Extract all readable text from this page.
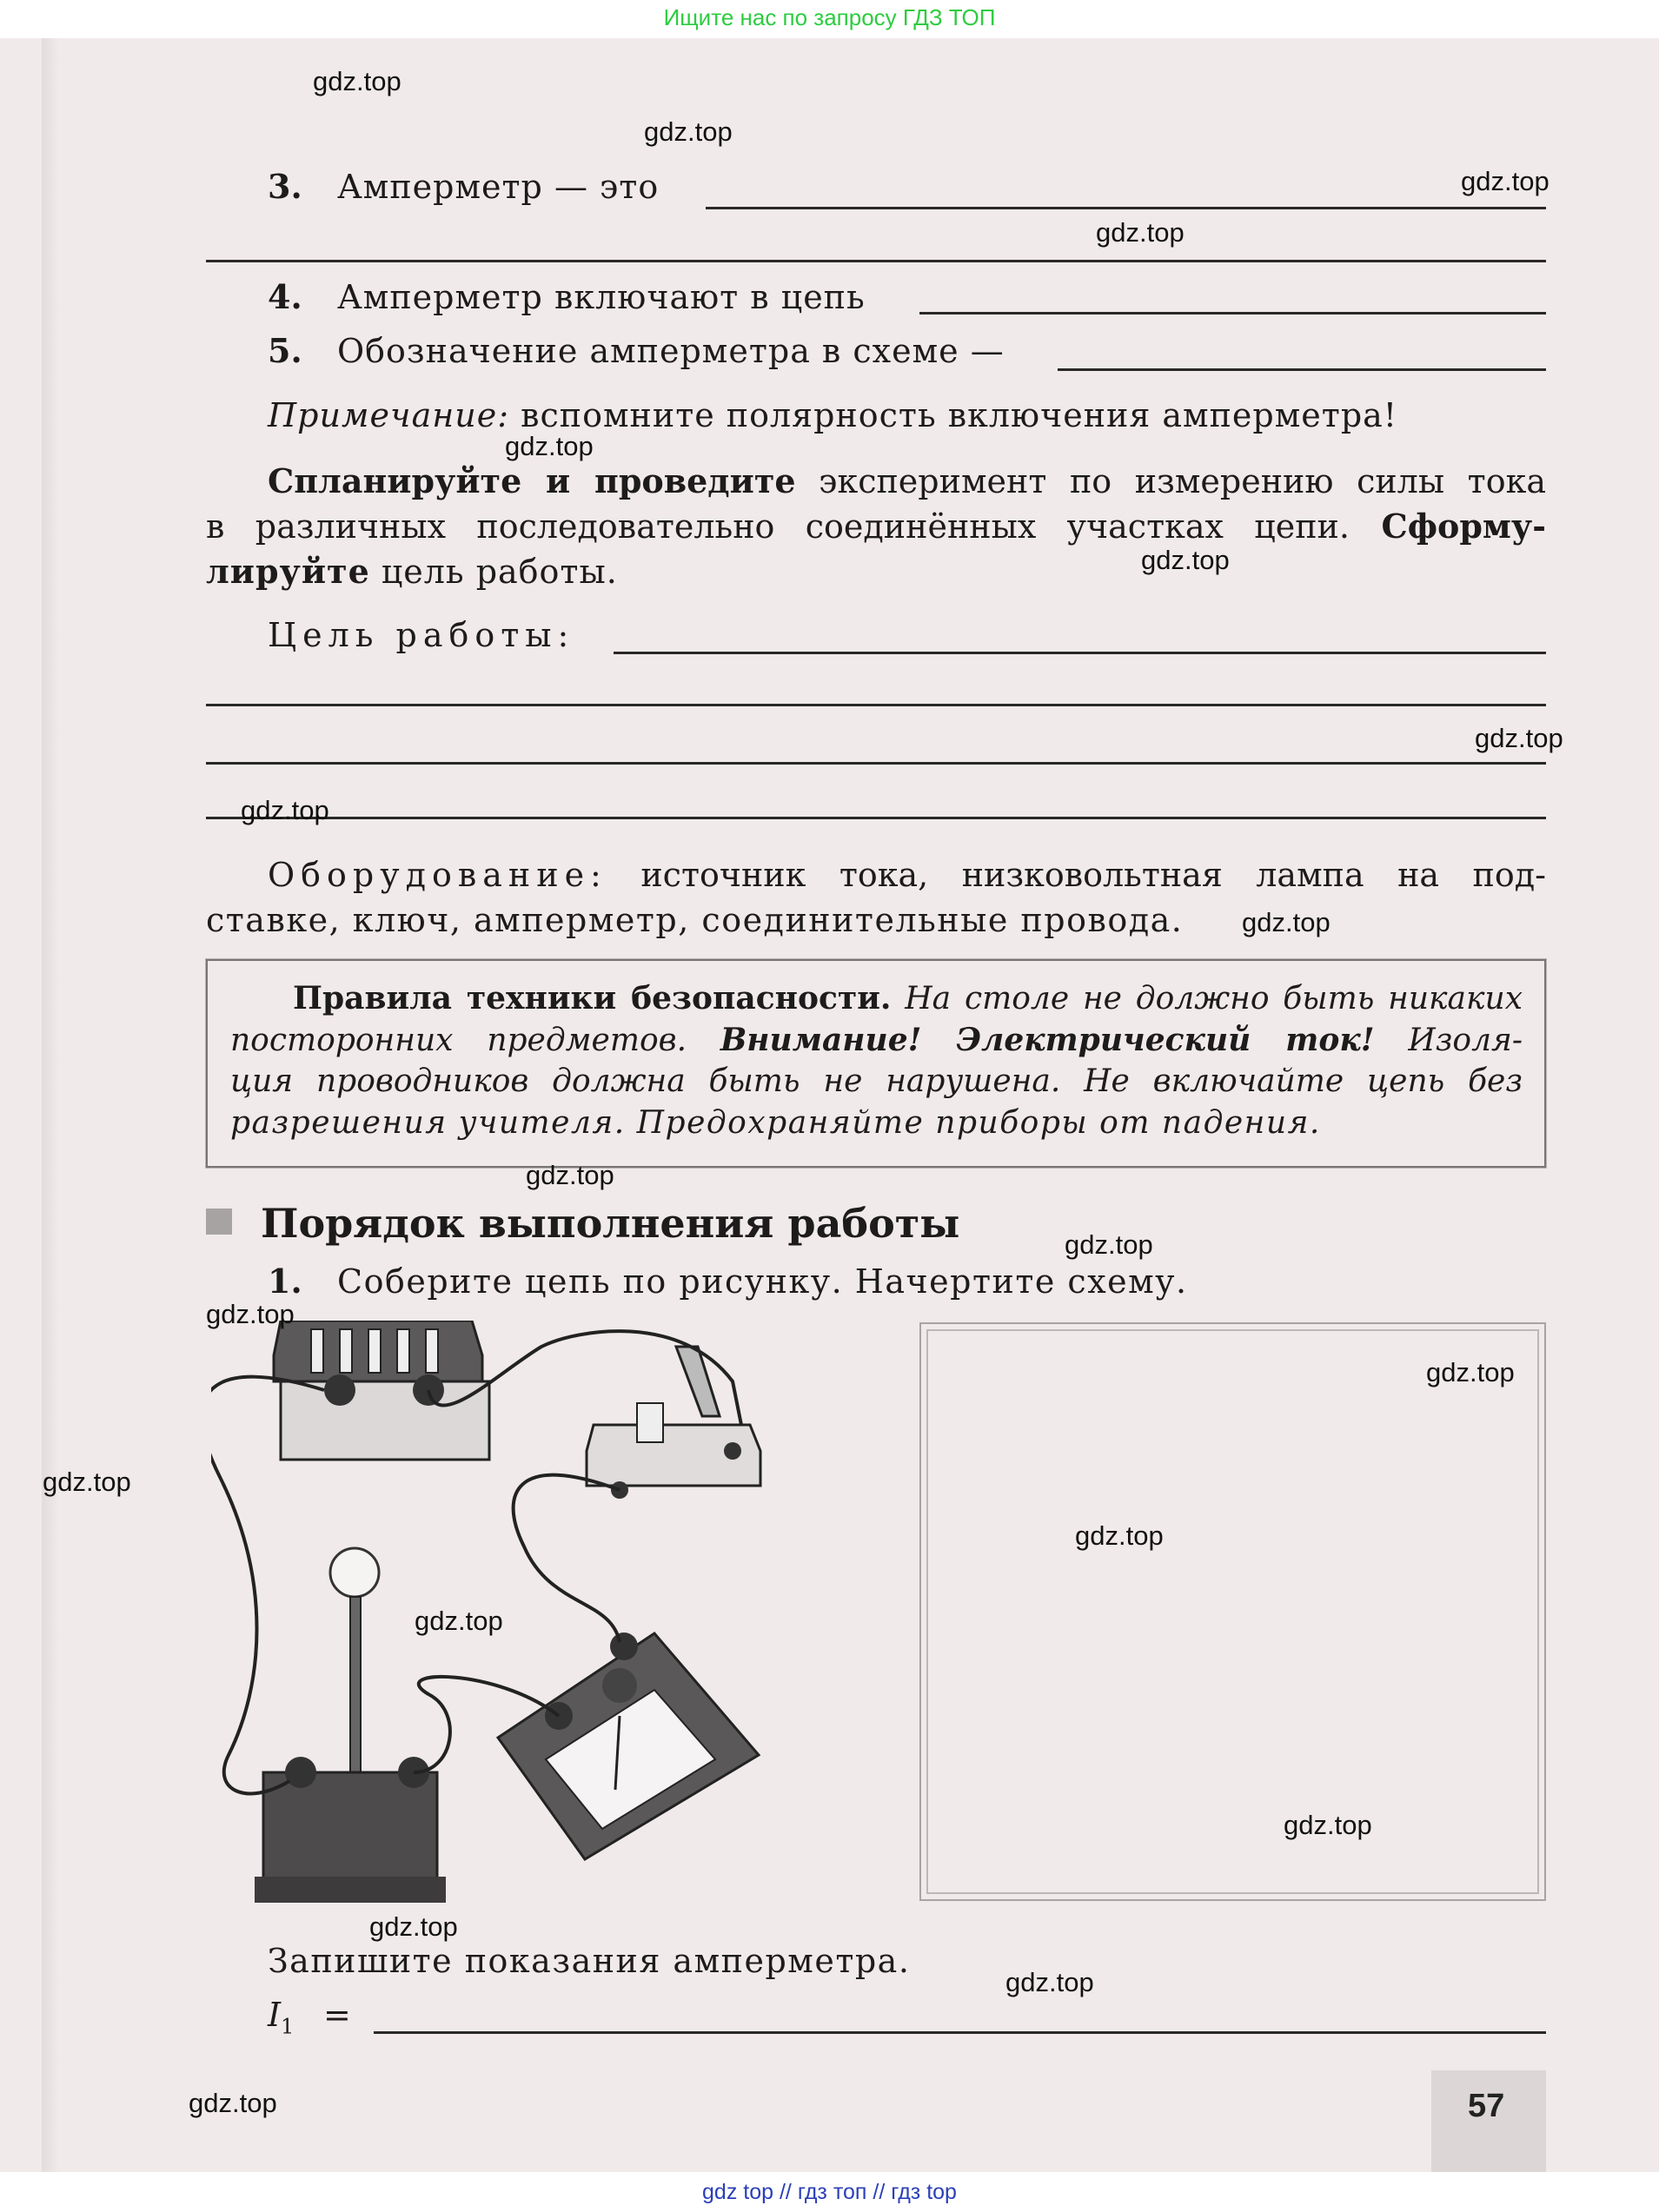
Ищите нас по запросу ГДЗ ТОП
3. Амперметр — это
4. Амперметр включают в цепь
5. Обозначение амперметра в схеме —
Примечание: вспомните полярность включения амперметра!
Спланируйте и проведите эксперимент по измерению силы тока
в различных последовательно соединённых участках цепи. Сформу-
лируйте цель работы.
Цель работы:
Оборудование: источник тока, низковольтная лампа на под-
ставке, ключ, амперметр, соединительные провода.
Правила техники безопасности. На столе не должно быть никаких
посторонних предметов. Внимание! Электрический ток! Изоля-
ция проводников должна быть не нарушена. Не включайте цепь без
разрешения учителя. Предохраняйте приборы от падения.
Порядок выполнения работы
1. Соберите цепь по рисунку. Начертите схему.
Запишите показания амперметра.
$I_1$ =
57
gdz.top
gdz.top
gdz.top
gdz.top
gdz.top
gdz.top
gdz.top
gdz.top
gdz.top
gdz.top
gdz.top
gdz.top
gdz.top
gdz.top
gdz.top
gdz.top
gdz.top
gdz.top
gdz.top
gdz.top
gdz top // гдз топ // гдз top
